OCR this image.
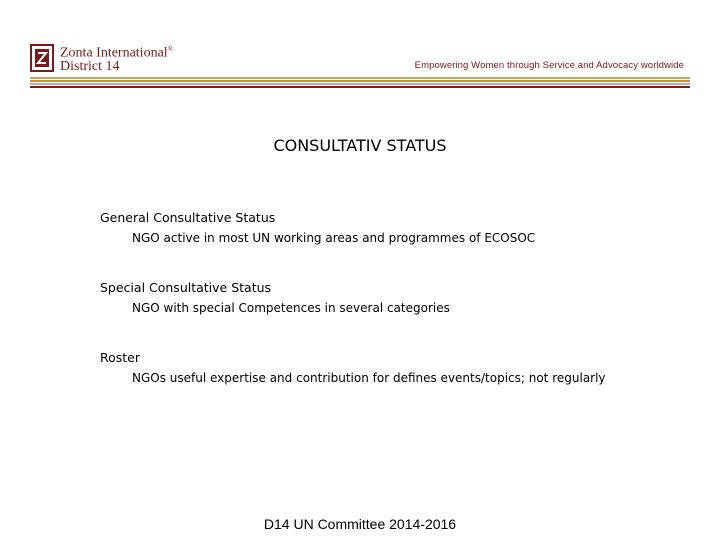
Zonta International®
District 14	Empowering Women through Service and Advocacy worldwide
CONSULTATIV STATUS

General Consultative Status

NGO active in most UN working areas and programmes of ECOSOC

Special Consultative Status

NGO with special Competences in several categories

Roster

NGOs useful expertise and contribution for defines events/topics; not regularly

D14 UN Committee 2014-2016
